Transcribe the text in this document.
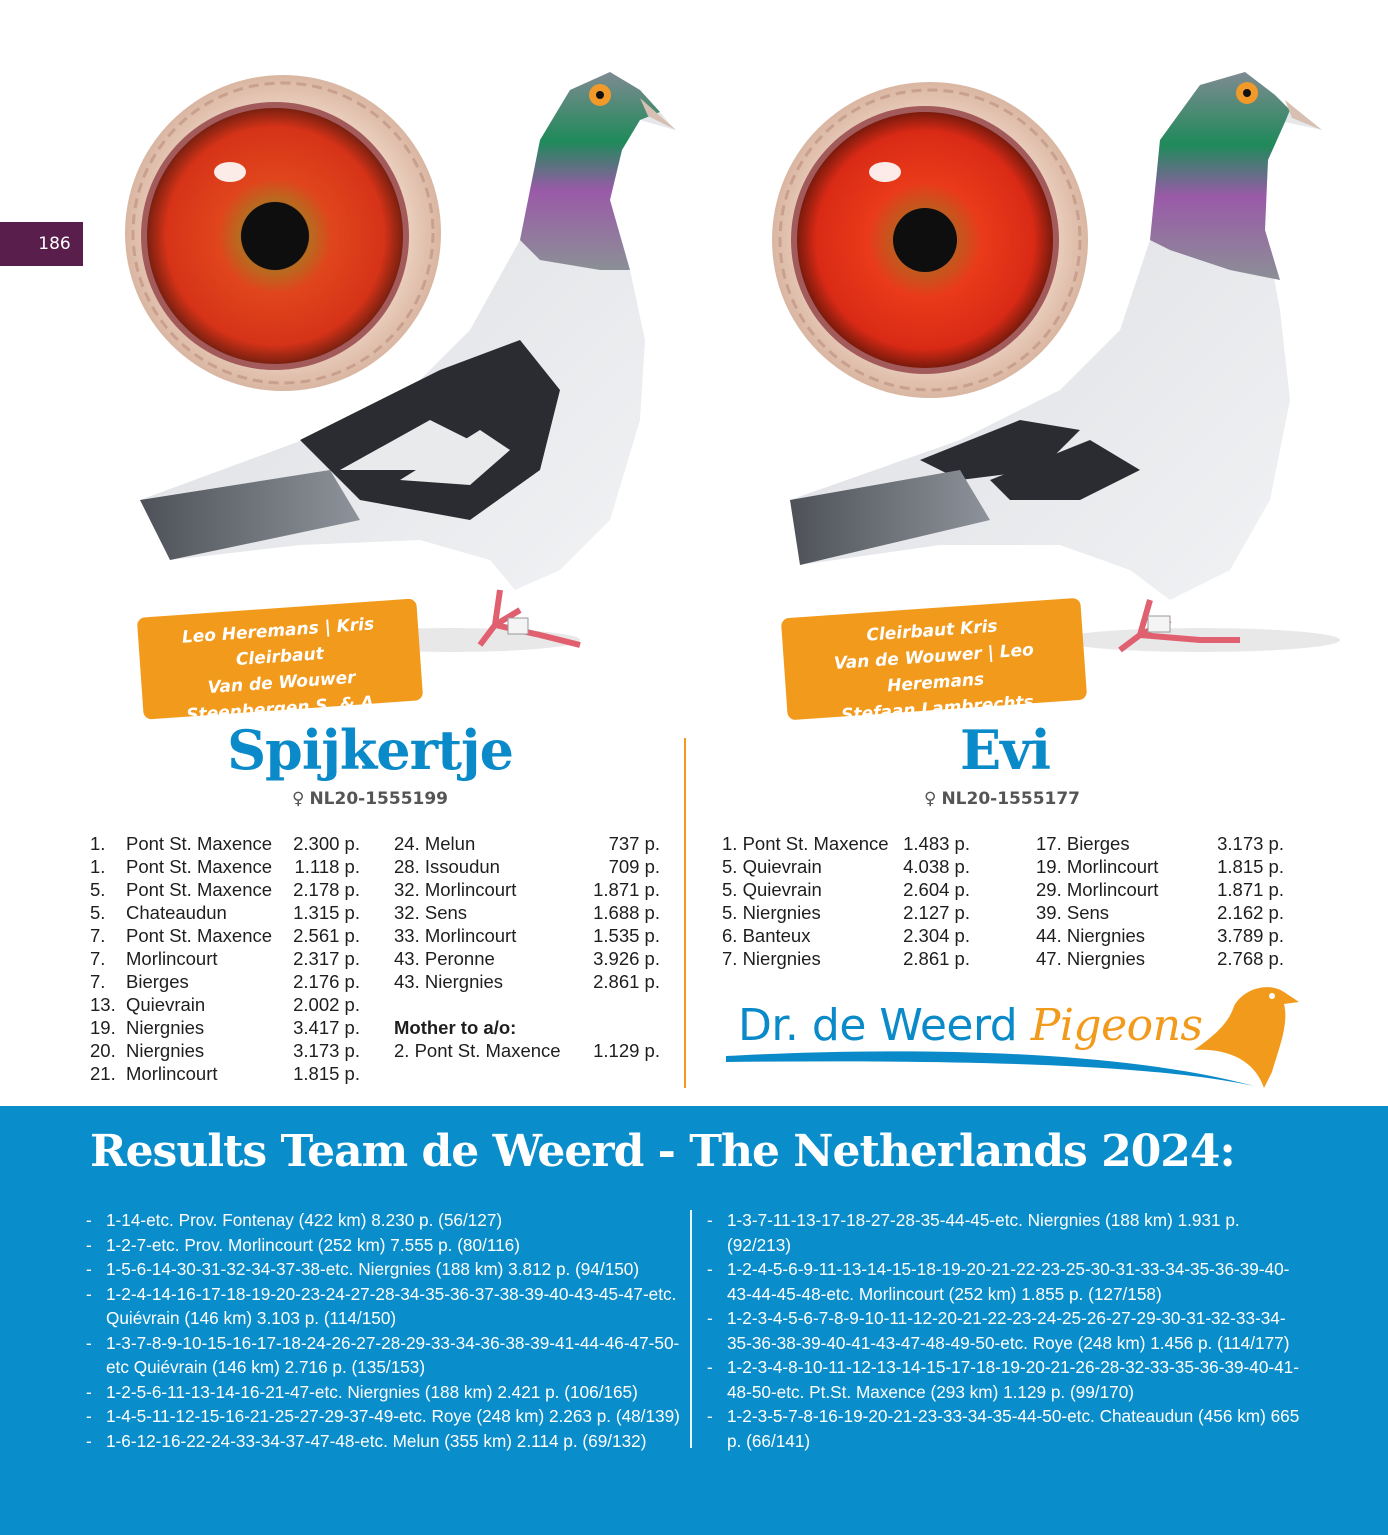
186
Leo Heremans | Kris Cleirbaut
Van de Wouwer
Steenbergen S. & A.
Cleirbaut Kris
Van de Wouwer | Leo Heremans
Stefaan Lambrechts
Spijkertje	Evi
♀ NL20-1555199	♀ NL20-1555177
1. Pont St. Maxence 2.300 p.
1. Pont St. Maxence 1.118 p.
5. Pont St. Maxence 2.178 p.
5. Chateaudun	1.315 p.
7. Pont St. Maxence 2.561 p.
7. Morlincourt	2.317 p.
7. Bierges	2.176 p.
13. Quievrain	2.002 p.
19. Niergnies	3.417 p.
20. Niergnies	3.173 p.
21. Morlincourt	1.815 p.
24. Melun	737 p.
28. Issoudun	709 p.
32. Morlincourt	1.871 p.
32. Sens	1.688 p.
33. Morlincourt	1.535 p.
43. Peronne	3.926 p.
43. Niergnies	2.861 p.
Mother to a/o:
2. Pont St. Maxence 1.129 p.
1. Pont St. Maxence 1.483 p.
5. Quievrain	4.038 p.
5. Quievrain	2.604 p.
5. Niergnies	2.127 p.
6. Banteux	2.304 p.
7. Niergnies	2.861 p.
17. Bierges	3.173 p.
19. Morlincourt	1.815 p.
29. Morlincourt	1.871 p.
39. Sens	2.162 p.
44. Niergnies	3.789 p.
47. Niergnies	2.768 p.
Dr. de Weerd Pigeons
Results Team de Weerd - The Netherlands 2024:
- 1-14-etc. Prov. Fontenay (422 km) 8.230 p. (56/127)
- 1-2-7-etc. Prov. Morlincourt (252 km) 7.555 p. (80/116)
- 1-5-6-14-30-31-32-34-37-38-etc. Niergnies (188 km) 3.812 p. (94/150)
- 1-2-4-14-16-17-18-19-20-23-24-27-28-34-35-36-37-38-39-40-43-45-47-etc. Quiévrain (146 km) 3.103 p. (114/150)
- 1-3-7-8-9-10-15-16-17-18-24-26-27-28-29-33-34-36-38-39-41-44-46-47-50-etc Quiévrain (146 km) 2.716 p. (135/153)
- 1-2-5-6-11-13-14-16-21-47-etc. Niergnies (188 km) 2.421 p. (106/165)
- 1-4-5-11-12-15-16-21-25-27-29-37-49-etc. Roye (248 km) 2.263 p. (48/139)
- 1-6-12-16-22-24-33-34-37-47-48-etc. Melun (355 km) 2.114 p. (69/132)
- 1-3-7-11-13-17-18-27-28-35-44-45-etc. Niergnies (188 km) 1.931 p. (92/213)
- 1-2-4-5-6-9-11-13-14-15-18-19-20-21-22-23-25-30-31-33-34-35-36-39-40-43-44-45-48-etc. Morlincourt (252 km) 1.855 p. (127/158)
- 1-2-3-4-5-6-7-8-9-10-11-12-20-21-22-23-24-25-26-27-29-30-31-32-33-34-35-36-38-39-40-41-43-47-48-49-50-etc. Roye (248 km) 1.456 p. (114/177)
- 1-2-3-4-8-10-11-12-13-14-15-17-18-19-20-21-26-28-32-33-35-36-39-40-41-48-50-etc. Pt.St. Maxence (293 km) 1.129 p. (99/170)
- 1-2-3-5-7-8-16-19-20-21-23-33-34-35-44-50-etc. Chateaudun (456 km) 665 p. (66/141)
